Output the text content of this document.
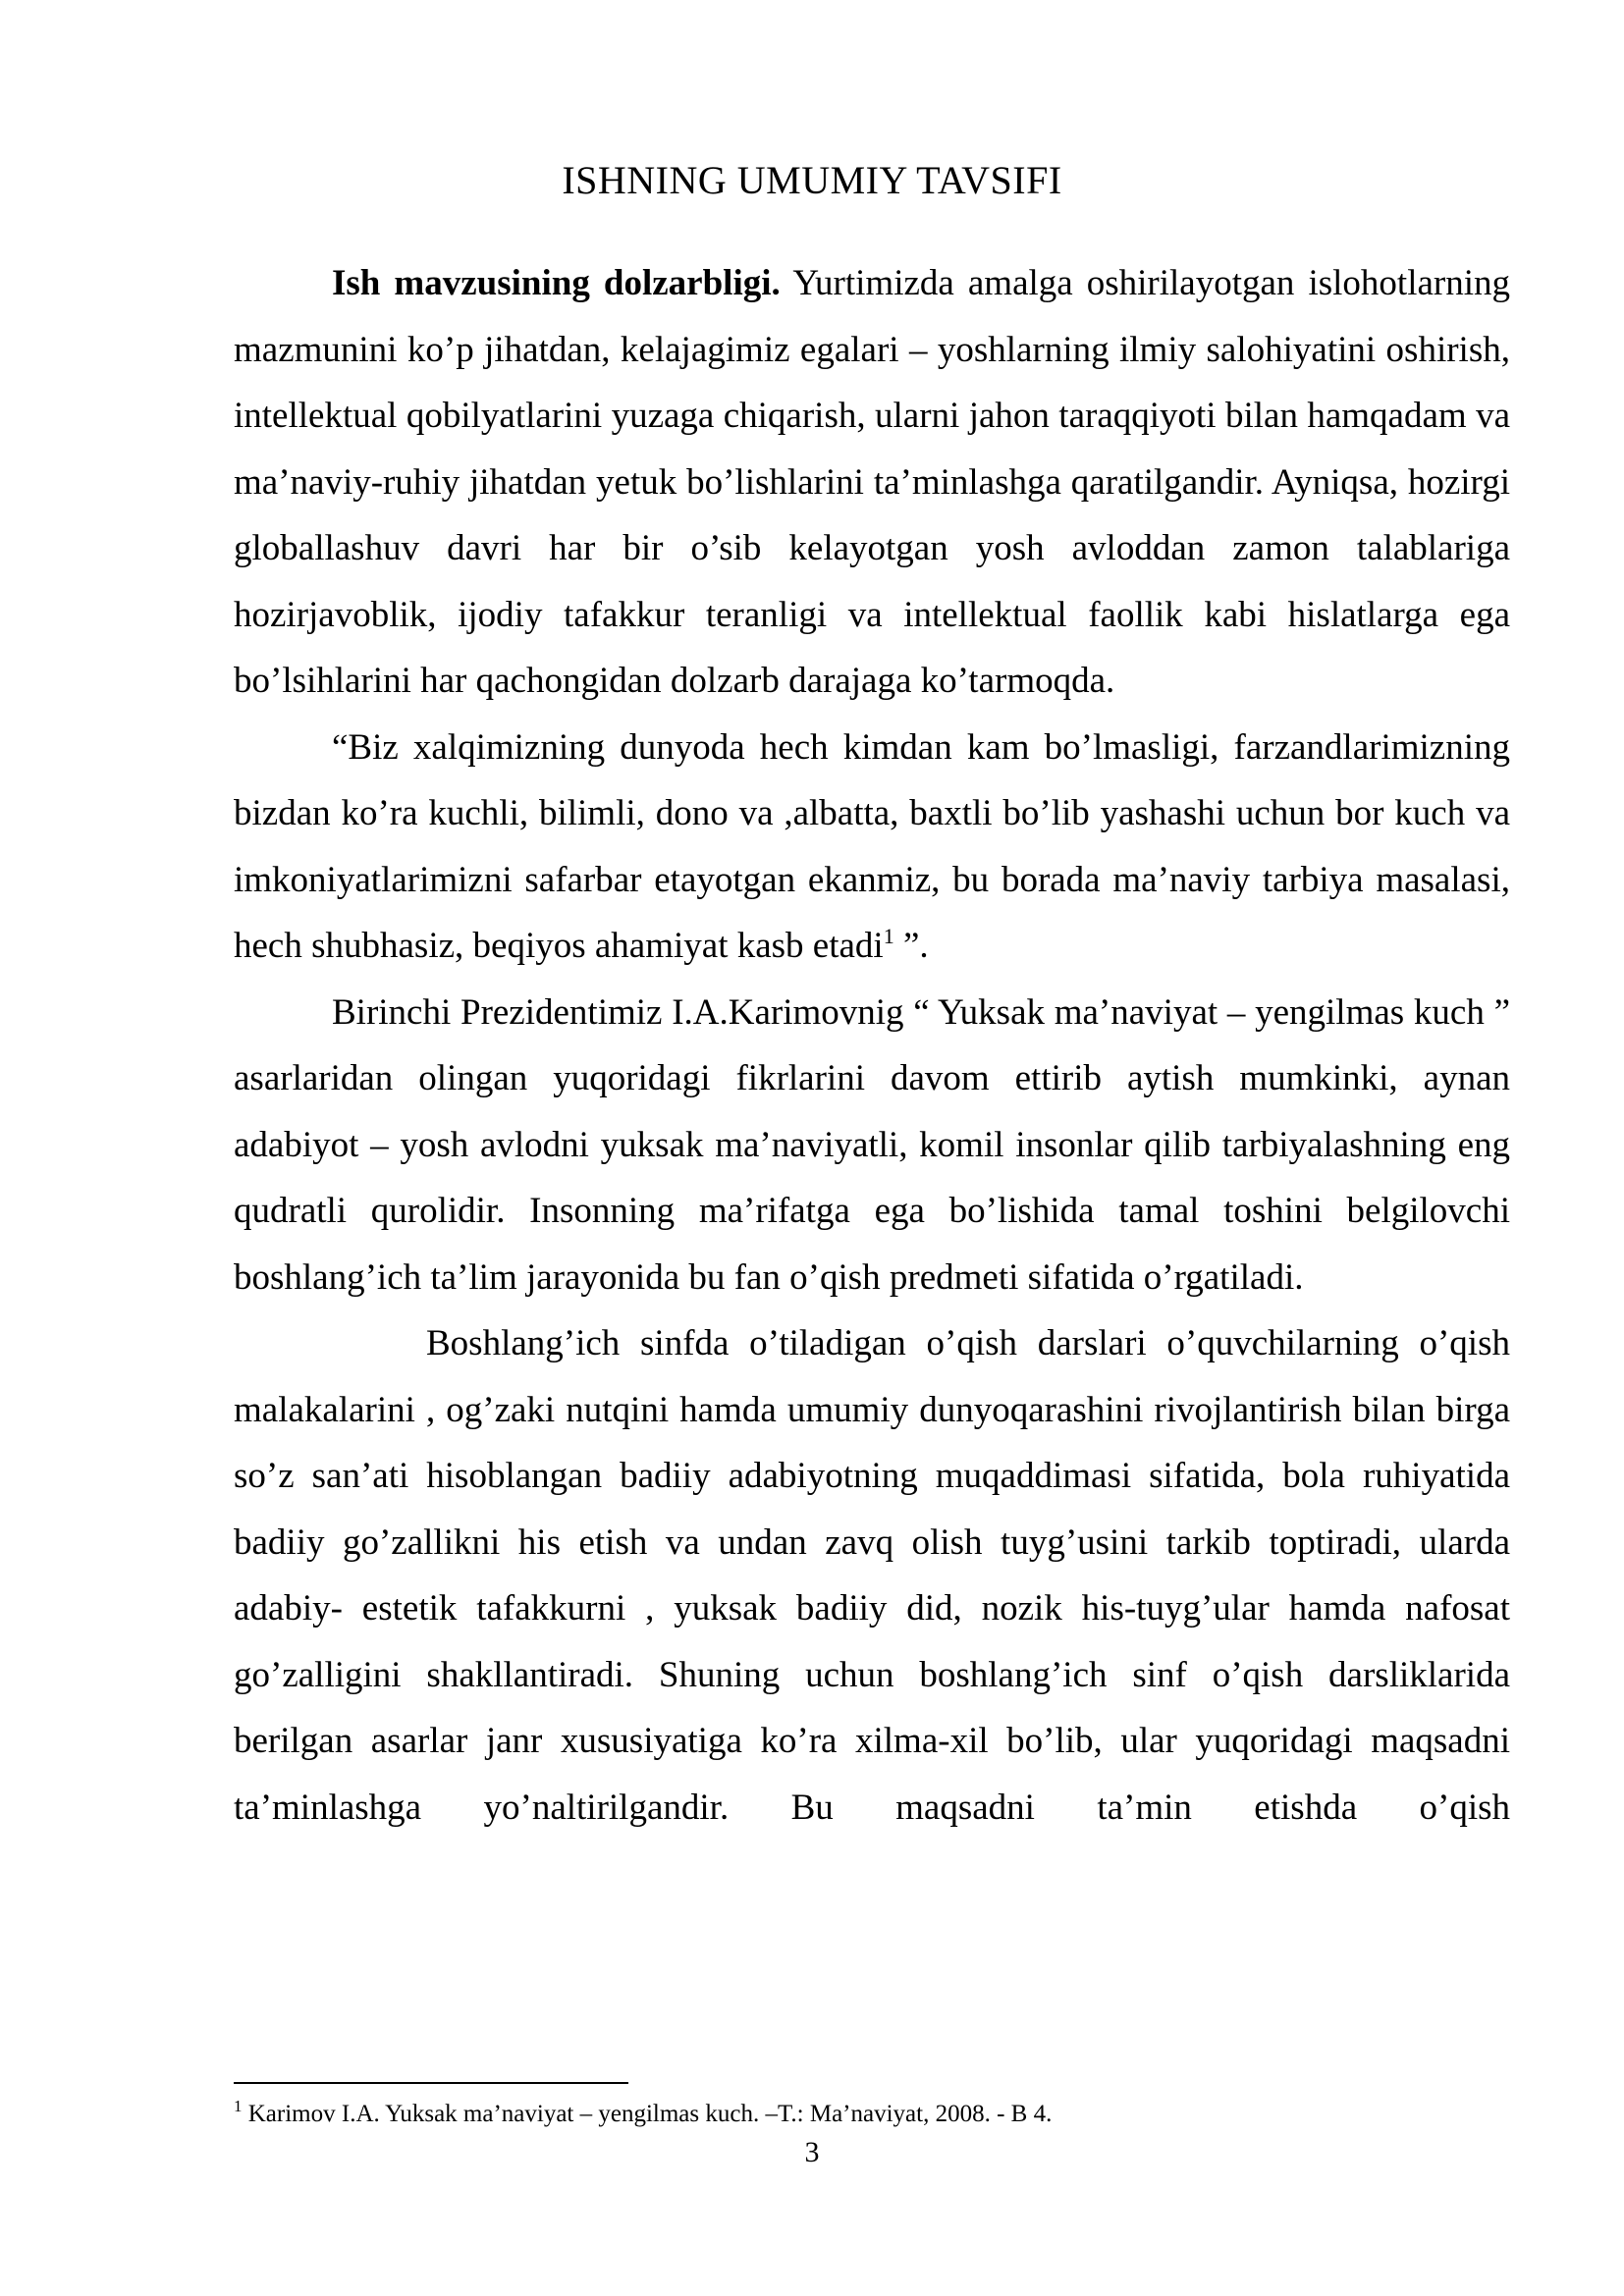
ISHNING UMUMIY TAVSIFI

Ish mavzusining dolzarbligi. Yurtimizda amalga oshirilayotgan islohotlarning mazmunini ko’p jihatdan, kelajagimiz egalari – yoshlarning ilmiy salohiyatini oshirish, intellektual qobilyatlarini yuzaga chiqarish, ularni jahon taraqqiyoti bilan hamqadam va ma’naviy-ruhiy jihatdan yetuk bo’lishlarini ta’minlashga qaratilgandir. Ayniqsa, hozirgi globallashuv davri har bir o’sib kelayotgan yosh avloddan zamon talablariga hozirjavoblik, ijodiy tafakkur teranligi va intellektual faollik kabi hislatlarga ega bo’lsihlarini har qachongidan dolzarb darajaga ko’tarmoqda.

“Biz xalqimizning dunyoda hech kimdan kam bo’lmasligi, farzandlarimizning bizdan ko’ra kuchli, bilimli, dono va ,albatta, baxtli bo’lib yashashi uchun bor kuch va imkoniyatlarimizni safarbar etayotgan ekanmiz, bu borada ma’naviy tarbiya masalasi, hech shubhasiz, beqiyos ahamiyat kasb etadi$^1$ ”.

Birinchi Prezidentimiz I.A.Karimovnig “ Yuksak ma’naviyat – yengilmas kuch ” asarlaridan olingan yuqoridagi fikrlarini davom ettirib aytish mumkinki, aynan adabiyot – yosh avlodni yuksak ma’naviyatli, komil insonlar qilib tarbiyalashning eng qudratli qurolidir. Insonning ma’rifatga ega bo’lishida tamal toshini belgilovchi boshlang’ich ta’lim jarayonida bu fan o’qish predmeti sifatida o’rgatiladi.

Boshlang’ich sinfda o’tiladigan o’qish darslari o’quvchilarning o’qish malakalarini , og’zaki nutqini hamda umumiy dunyoqarashini rivojlantirish bilan birga so’z san’ati hisoblangan badiiy adabiyotning muqaddimasi sifatida, bola ruhiyatida badiiy go’zallikni his etish va undan zavq olish tuyg’usini tarkib toptiradi, ularda adabiy- estetik tafakkurni , yuksak badiiy did, nozik his-tuyg’ular hamda nafosat go’zalligini shakllantiradi. Shuning uchun boshlang’ich sinf o’qish darsliklarida berilgan asarlar janr xususiyatiga ko’ra xilma-xil bo’lib, ular yuqoridagi maqsadni ta’minlashga yo’naltirilgandir. Bu maqsadni ta’min etishda o’qish

$^1$ Karimov I.A. Yuksak ma’naviyat – yengilmas kuch. –T.: Ma’naviyat, 2008. - B 4.
3
